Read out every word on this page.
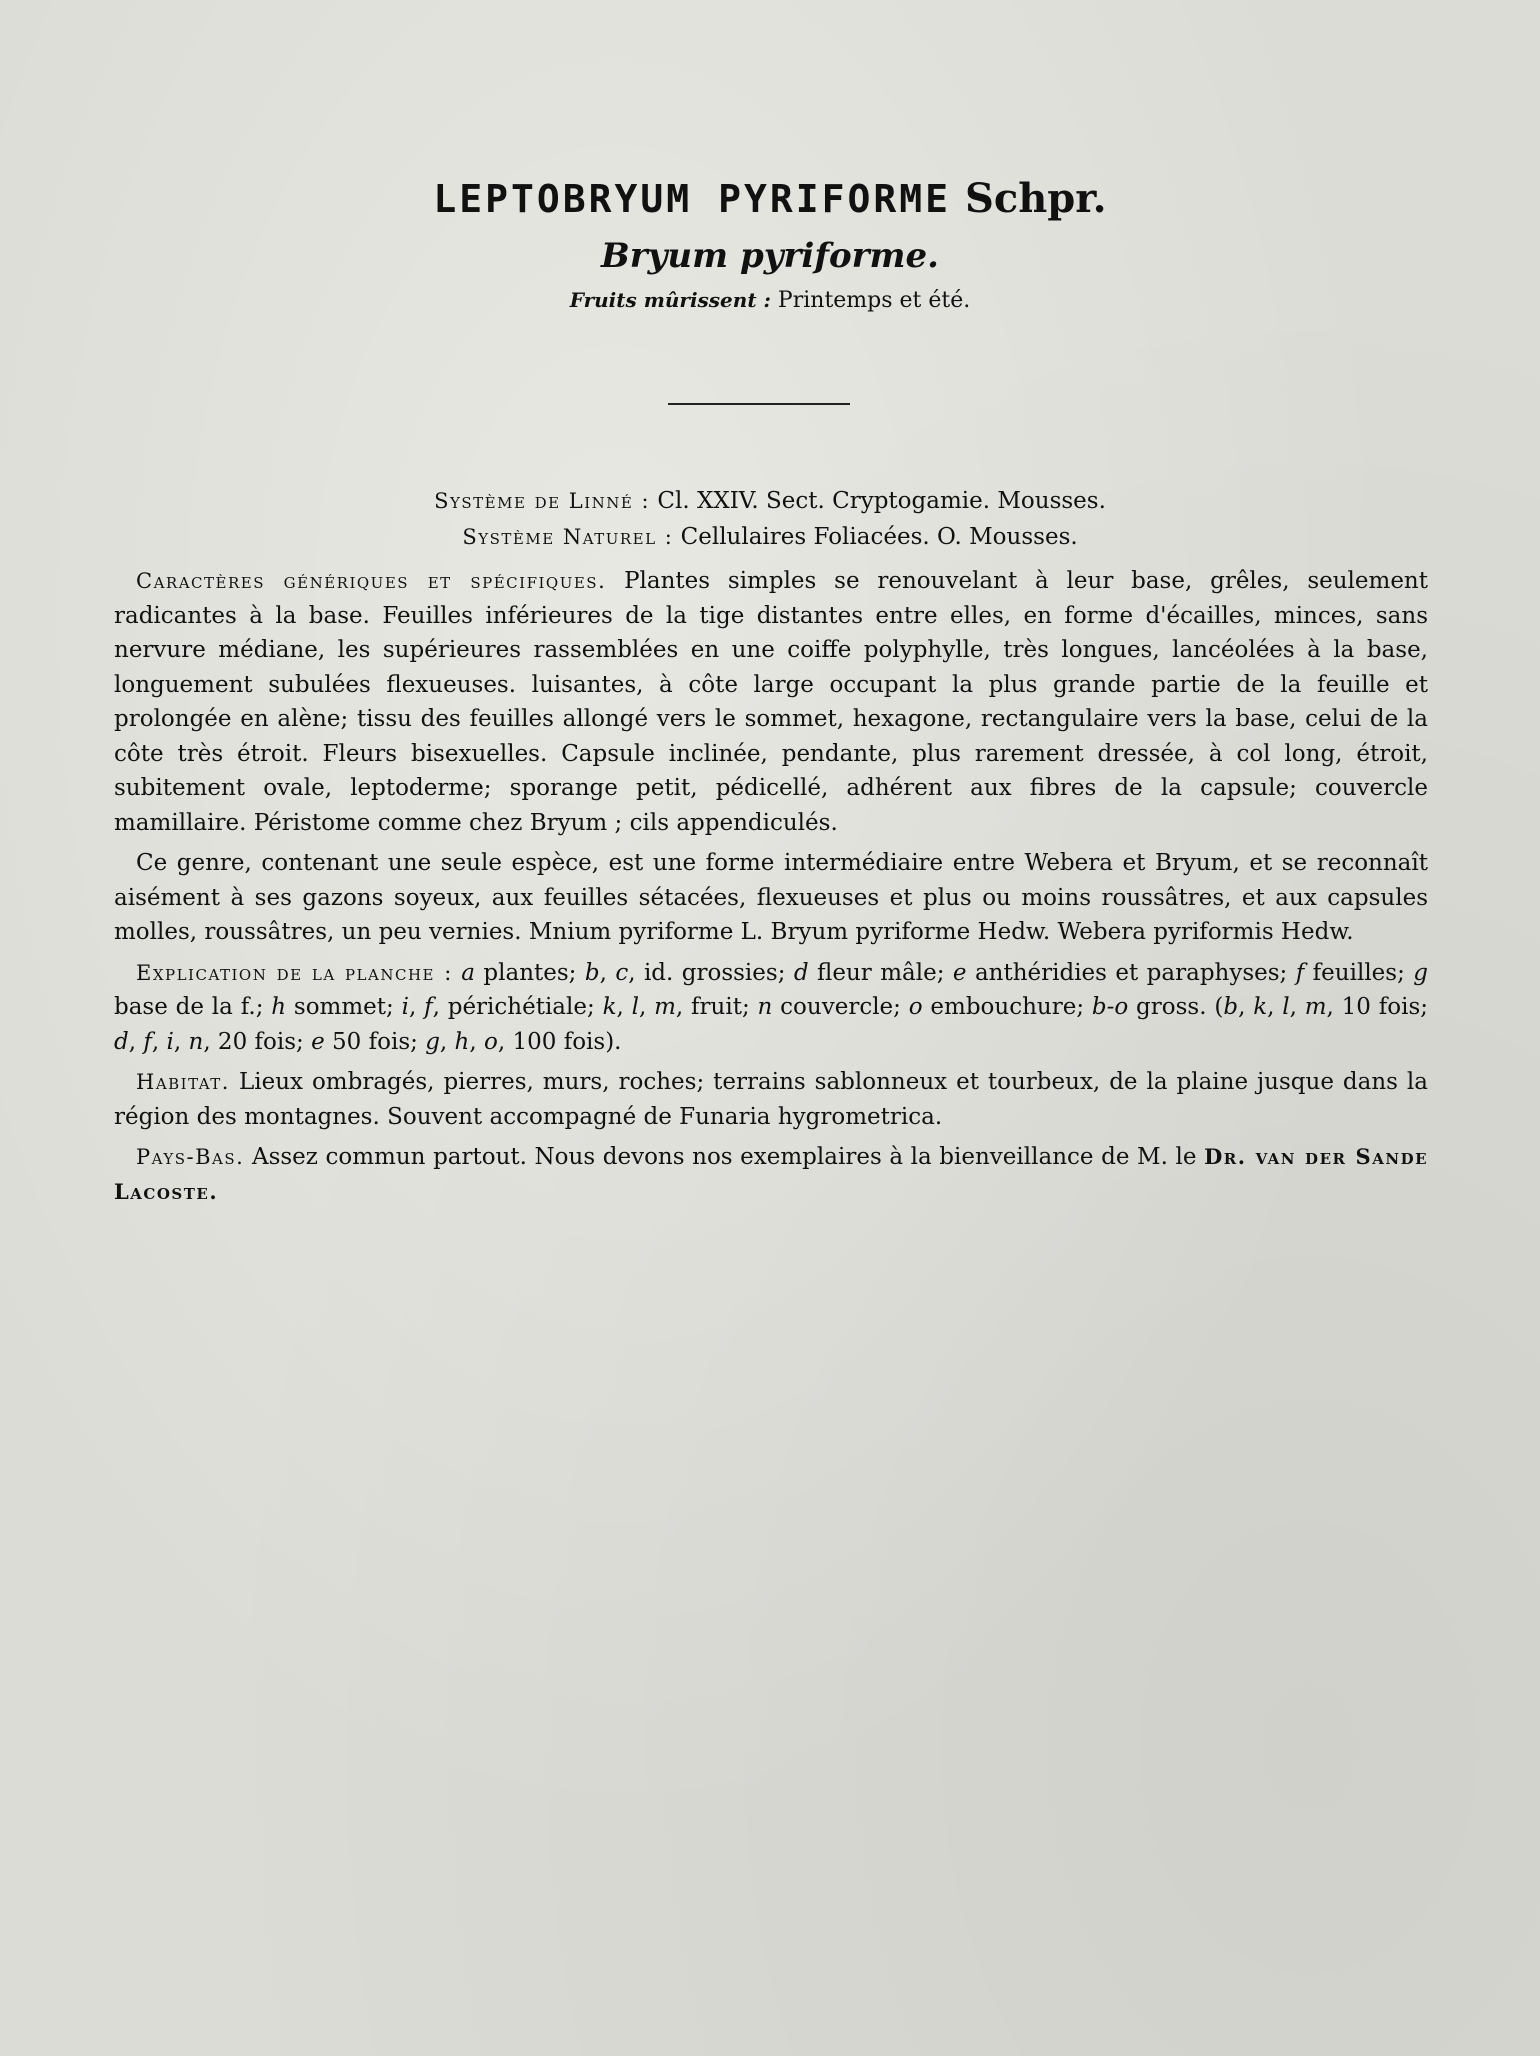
LEPTOBRYUM PYRIFORME Schpr.
Bryum pyriforme.
Fruits mûrissent : Printemps et été.
Système de Linné : Cl. XXIV. Sect. Cryptogamie. Mousses.
Système Naturel : Cellulaires Foliacées. O. Mousses.

Caractères génériques et spécifiques. Plantes simples se renouvelant à leur base, grêles, seulement radicantes à la base. Feuilles inférieures de la tige distantes entre elles, en forme d'écailles, minces, sans nervure médiane, les supérieures rassemblées en une coiffe polyphylle, très longues, lancéolées à la base, longuement subulées flexueuses. luisantes, à côte large occupant la plus grande partie de la feuille et prolongée en alène; tissu des feuilles allongé vers le sommet, hexagone, rectangulaire vers la base, celui de la côte très étroit. Fleurs bisexuelles. Capsule inclinée, pendante, plus rarement dressée, à col long, étroit, subitement ovale, leptoderme; sporange petit, pédicellé, adhérent aux fibres de la capsule; couvercle mamillaire. Péristome comme chez Bryum ; cils appendiculés.

Ce genre, contenant une seule espèce, est une forme intermédiaire entre Webera et Bryum, et se reconnaît aisément à ses gazons soyeux, aux feuilles sétacées, flexueuses et plus ou moins roussâtres, et aux capsules molles, roussâtres, un peu vernies. Mnium pyriforme L. Bryum pyriforme Hedw. Webera pyriformis Hedw.

Explication de la planche : a plantes; b, c, id. grossies; d fleur mâle; e anthéridies et paraphyses; f feuilles; g base de la f.; h sommet; i, f, périchétiale; k, l, m, fruit; n couvercle; o embouchure; b-o gross. (b, k, l, m, 10 fois; d, f, i, n, 20 fois; e 50 fois; g, h, o, 100 fois).

Habitat. Lieux ombragés, pierres, murs, roches; terrains sablonneux et tourbeux, de la plaine jusque dans la région des montagnes. Souvent accompagné de Funaria hygrometrica.

Pays-Bas. Assez commun partout. Nous devons nos exemplaires à la bienveillance de M. le Dr. van der Sande Lacoste.
